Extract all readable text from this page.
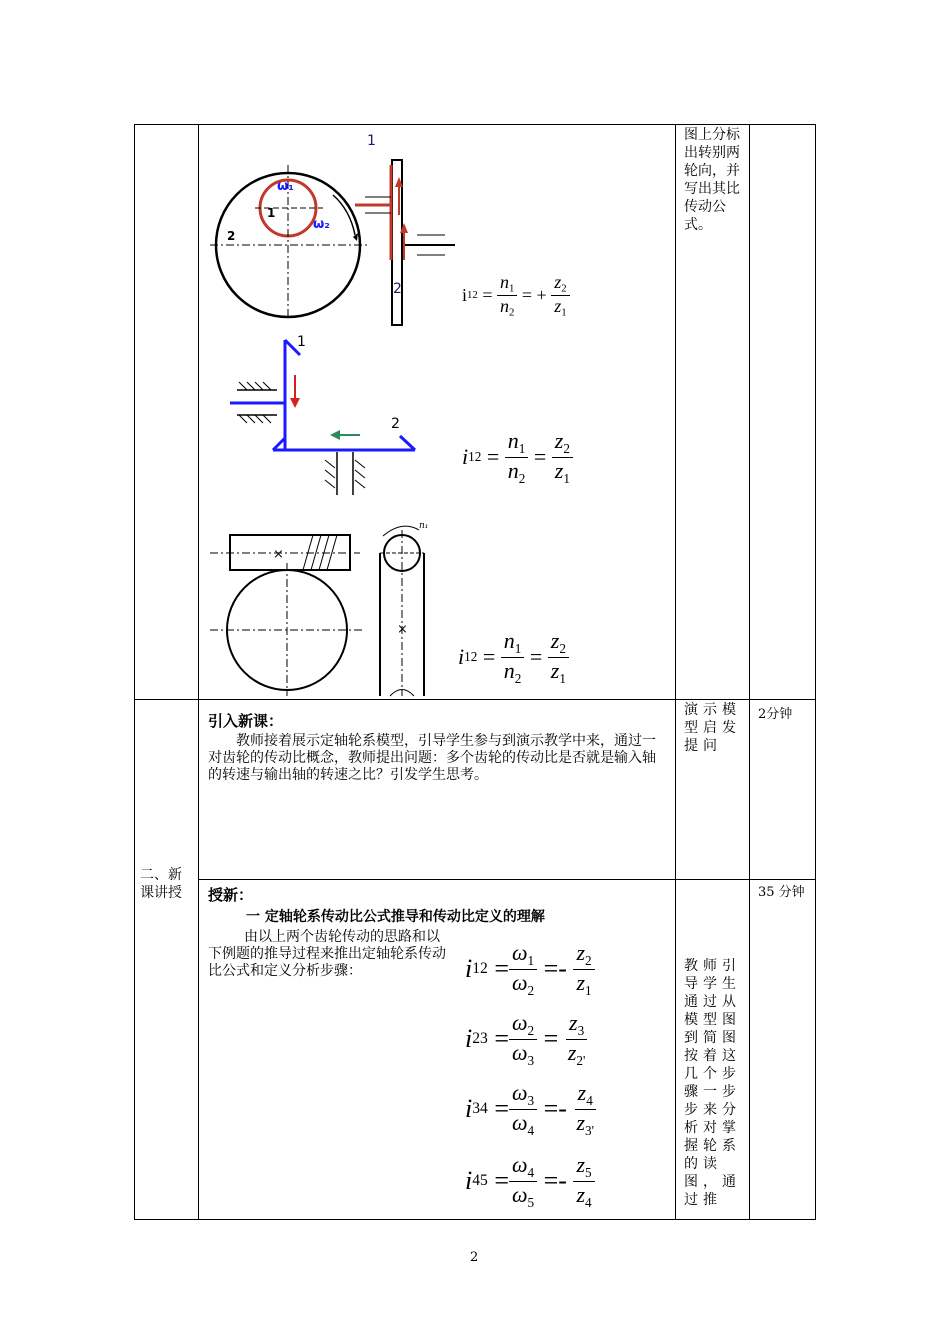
ω₁
ω₂
1
2
1
2	i $12 = \frac{n_1}{n_2}$
= +
$\frac{z_2}{z_1}$
1
2
i $12 = \frac{n_1}{n_2} = \frac{z_2}{z_1}$
×
×
n₁
i $12 = \frac{n_1}{n_2} = \frac{z_2}{z_1}$
图上分标出转别两轮向，并写出其比传动公式。
二、新课讲授
引入新课：
教师接着展示定轴轮系模型，引导学生参与到演示教学中来，通过一对齿轮的传动比概念，教师提出问题：多个齿轮的传动比是否就是输入轴的转速与输出轴的转速之比？引发学生思考。
演示模型启发提问
2分钟
授新：
一 定轴轮系传动比公式推导和传动比定义的理解
由以上两个齿轮传动的思路和以下例题的推导过程来推出定轴轮系传动比公式和定义分析步骤：	教师引导学生通过从模型图到简图按着这几个步骤一步步来分析对掌握轮系的读图，通过推
35 分钟
i $12 = \frac{\omega_1}{\omega_2}$
=-
$\frac{z_2}{z_1}$
i $23 = \frac{\omega_2}{\omega_3}$
=
$\frac{z_3}{z_{2'}}$
i $34 = \frac{\omega_3}{\omega_4}$
=-
$\frac{z_4}{z_{3'}}$
i $45 = \frac{\omega_4}{\omega_5}$
=-
$\frac{z_5}{z_4}$
2
